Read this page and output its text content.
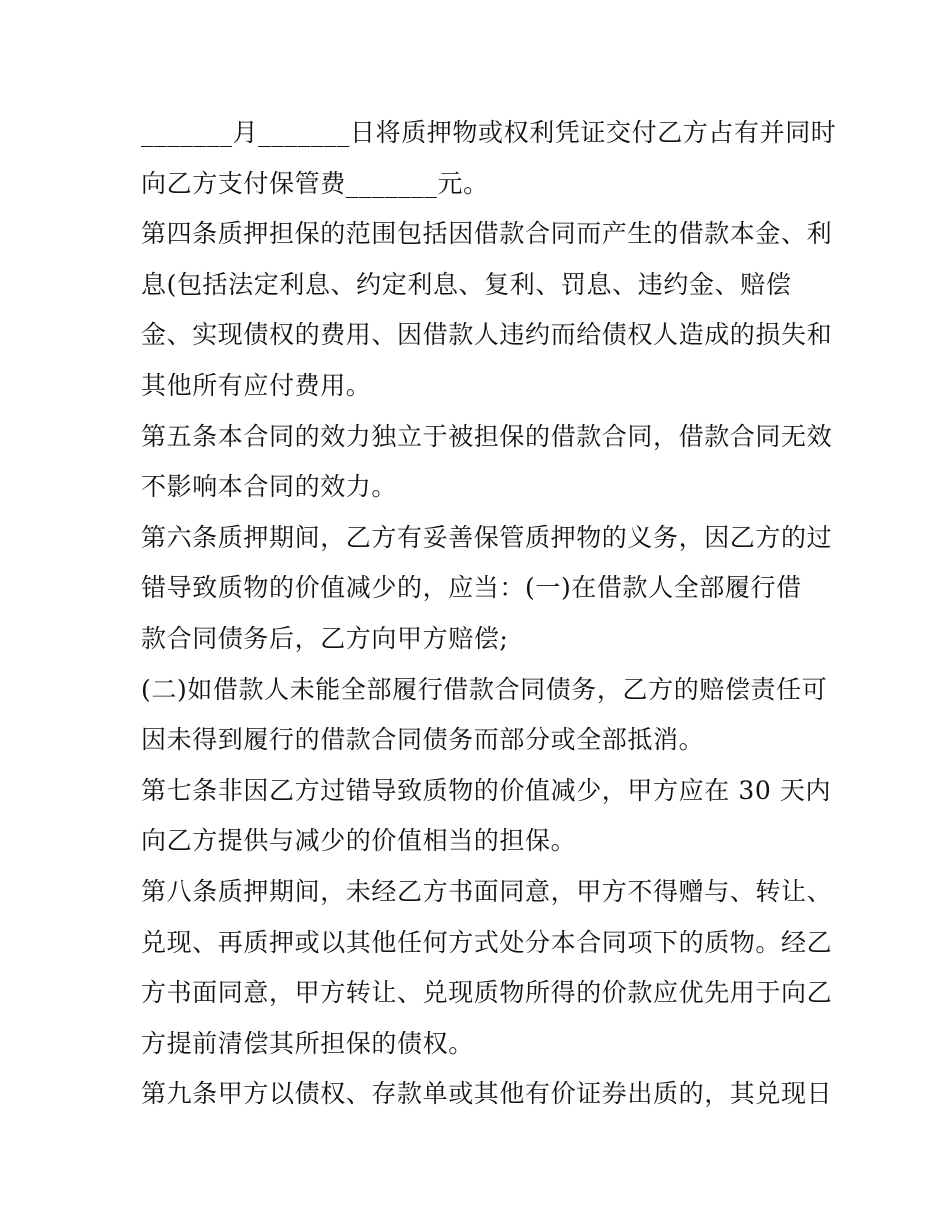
_______月_______日将质押物或权利凭证交付乙方占有并同时

向乙方支付保管费_______元。

第四条质押担保的范围包括因借款合同而产生的借款本金、利

息(包括法定利息、约定利息、复利、罚息、违约金、赔偿

金、实现债权的费用、因借款人违约而给债权人造成的损失和

其他所有应付费用。

第五条本合同的效力独立于被担保的借款合同，借款合同无效

不影响本合同的效力。

第六条质押期间，乙方有妥善保管质押物的义务，因乙方的过

错导致质物的价值减少的，应当：(一)在借款人全部履行借

款合同债务后，乙方向甲方赔偿;

(二)如借款人未能全部履行借款合同债务，乙方的赔偿责任可

因未得到履行的借款合同债务而部分或全部抵消。

第七条非因乙方过错导致质物的价值减少，甲方应在 30 天内

向乙方提供与减少的价值相当的担保。

第八条质押期间，未经乙方书面同意，甲方不得赠与、转让、

兑现、再质押或以其他任何方式处分本合同项下的质物。经乙

方书面同意，甲方转让、兑现质物所得的价款应优先用于向乙

方提前清偿其所担保的债权。

第九条甲方以债权、存款单或其他有价证券出质的，其兑现日
